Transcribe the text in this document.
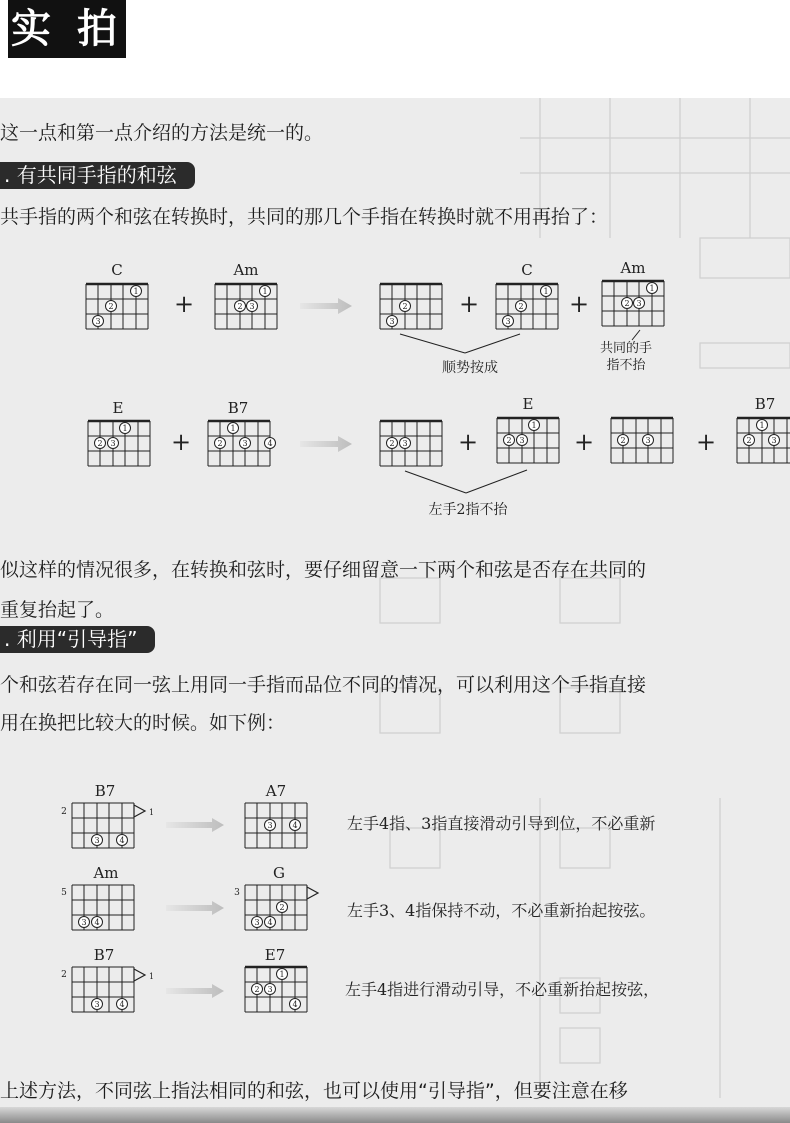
实 拍
这一点和第一点介绍的方法是统一的。
. 有共同手指的和弦
共手指的两个和弦在转换时，共同的那几个手指在转换时就不用再抬了：
似这样的情况很多，在转换和弦时，要仔细留意一下两个和弦是否存在共同的
重复抬起了。
. 利用“引导指”
个和弦若存在同一弦上用同一手指而品位不同的情况，可以利用这个手指直接
用在换把比较大的时候。如下例：
上述方法，不同弦上指法相同的和弦，也可以使用“引导指”，但要注意在移
C
1
2
3
+
Am
1
2 3	2
3
+
C
1
2
3
+
Am
1
2 3
顺势按成
共同的手
指不抬
E
1
2 3 +
B7
1
2 3 4	2 3 +
E
1
2 3 +	2 3 +
B7
1
2 3
左手2指不抬
B7
2	1
3 4
A7
3 4	左手4指、3指直接滑动引导到位，不必重新
Am
5
3 4
G
3
2
3 4
左手3、4指保持不动，不必重新抬起按弦。
B7
2	1
3 4
E7
1
2 3
4
左手4指进行滑动引导，不必重新抬起按弦，
